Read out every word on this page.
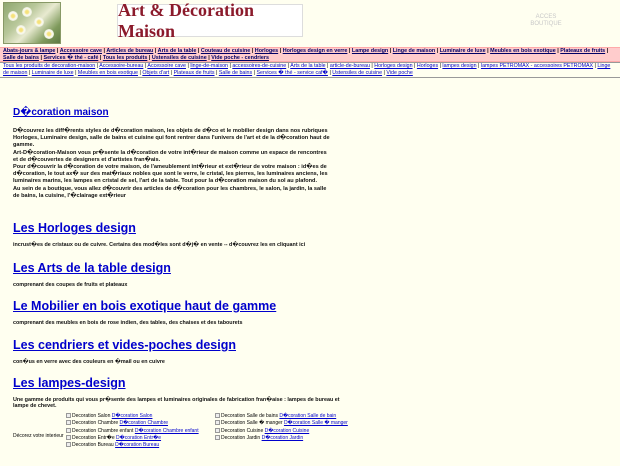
Art & Décoration Maison
ACCES
BOUTIQUE
Abats-jours & lampe | Accessoire cave | Articles de bureau | Arts de la table | Couteau de cuisine | Horloges | Horloges design en verre | Lampe design | Linge de maison | Luminaire de luxe | Meubles en bois exotique | Plateaux de fruits | Salle de bains | Services � thé - café | Tous les produits | Ustensiles de cuisine | Vide poche - cendriers
Tous les produits de decoration-maison | Accessoire-bureau | Accessoire cave | linge-de-maison | accessoires-de-cuisine | Arts de la table | article-de-bureau | Horloges design | Horloges | lampes design | lampes PETROMAX - accessoires PETROMAX | Linge de maison | Luminaire de luxe | Meubles en bois exotique | Objets d'art | Plateaux de fruits | Salle de bains | Services � thé - service caf� | Ustensiles de cuisine | Vide poche
D�coration maison
D�couvrez les diff�rents styles de d�coration maison, les objets de d�co et le mobilier design dans nos rubriques Horloges, Luminaire design, salle de bains et cuisine qui font rentrer dans l'univers de l'art et de la d�coration haut de gamme.
Art-D�coration-Maison vous pr�sente la d�coration de votre int�rieur de maison comme un espace de rencontres et de d�couvertes de designers et d'artistes fran�ais.
Pour d�couvrir la d�coration de votre maison, de l'ameublement int�rieur et ext�rieur de votre maison : id�es de d�coration, le tout ax� sur des mat�riaux nobles que sont le verre, le cristal, les pierres, les luminaires anciens, les luminaires marins, les lampes en cristal de sel, l'art de la table. Tout pour la d�coration maison du sol au plafond.
Au sein de a boutique, vous allez d�couvrir des articles de d�coration pour les chambres, le salon, la jardin, la salle de bains, la cuisine, l'�clairage ext�rieur
Les Horloges design
incrust�es de cristaux ou de cuivre. Certains des mod�les sont d�j� en vente -- d�couvrez les en cliquant ici
Les Arts de la table design
comprenant des coupes de fruits et plateaux
Le Mobilier en bois exotique haut de gamme
comprenant des meubles en bois de rose indien, des tables, des chaises et des tabourets
Les cendriers et vides-poches design
con�us en verre avec des couleurs en �mail ou en cuivre
Les lampes-design
Une gamme de produits qui vous pr�sente des lampes et luminaires originales de fabrication fran�aise : lampes de bureau et lampe de chevet.
Décorez votre interieur
Decoration Salon D�coration Salon
Decoration Chambre D�coration Chambre
Decoration Chambre enfant D�coration Chambre enfant
Decoration Entr�e D�coration Entr�e
Decoration Bureau D�coration Bureau
Decoration Salle de bains D�coration Salle de bain
Decoration Salle � manger D�coration Salle � manger
Decoration Cuisine D�coration Cuisine
Decoration Jardin D�coration Jardin
